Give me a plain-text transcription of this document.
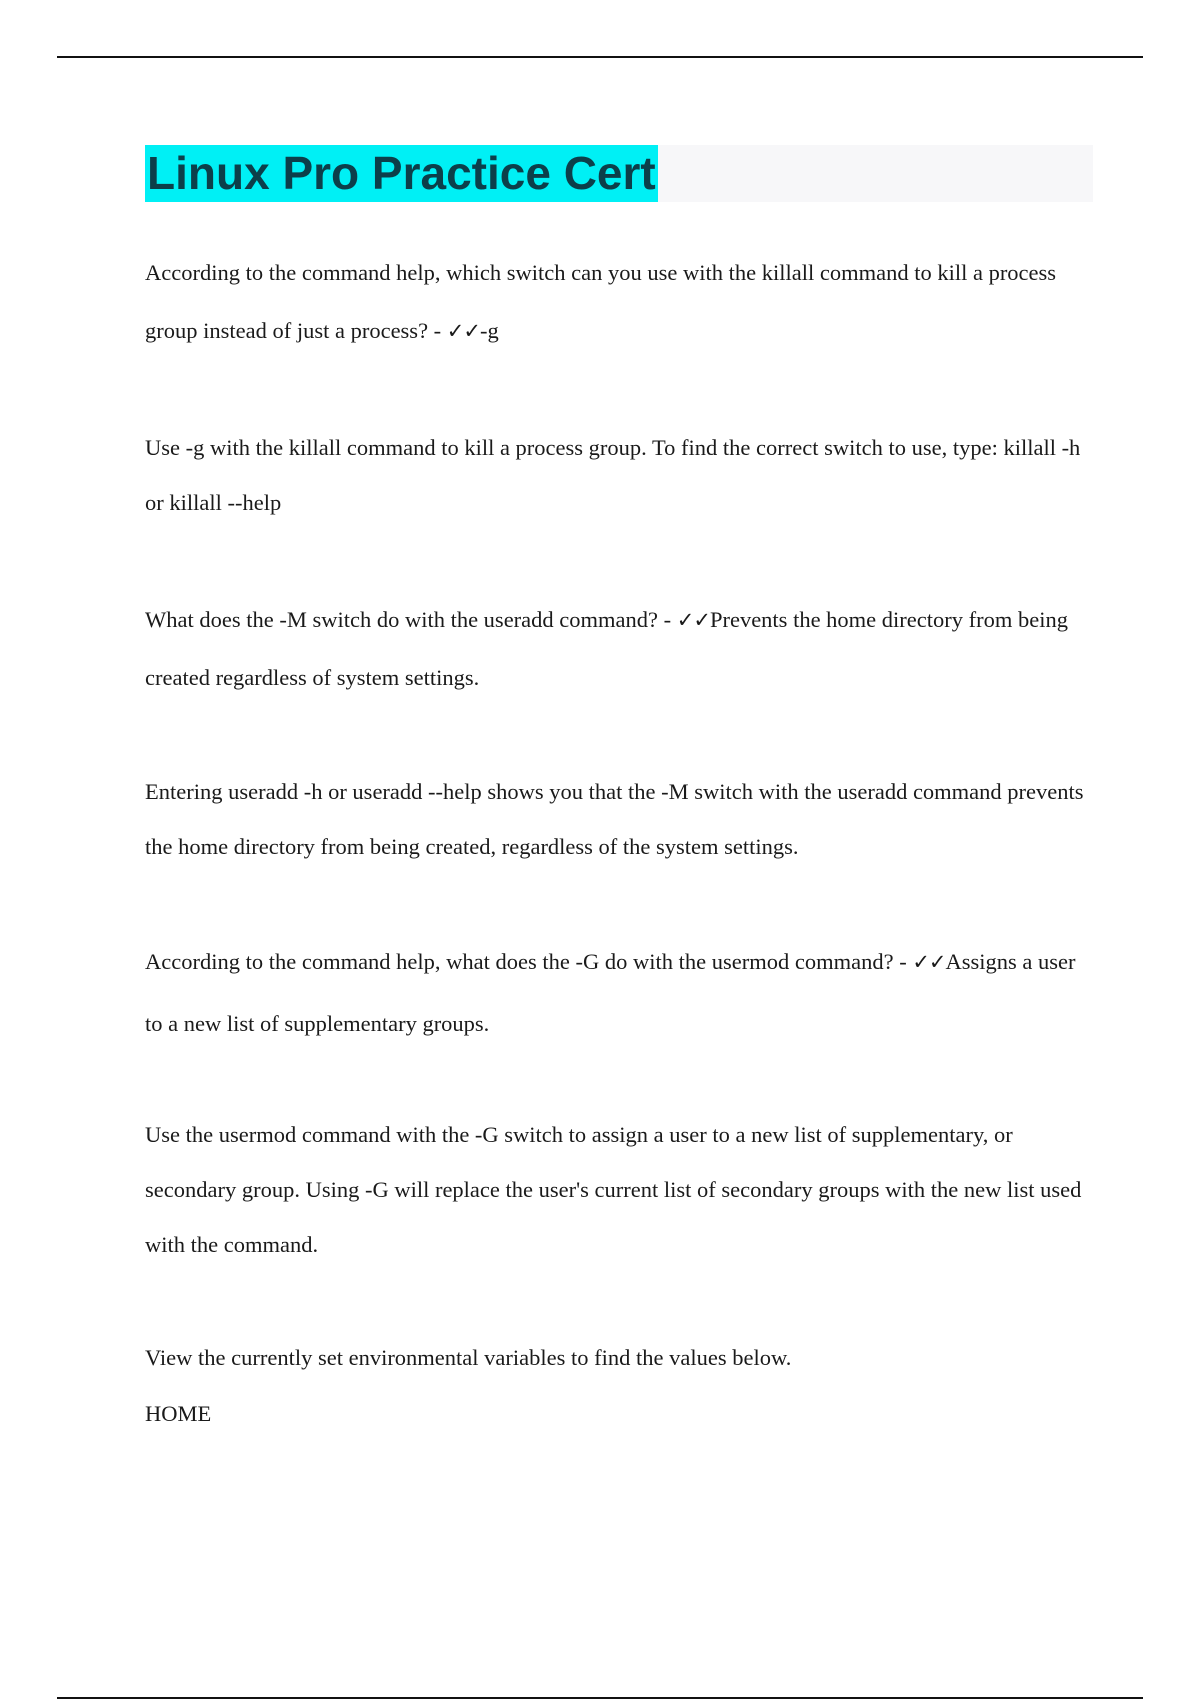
Linux Pro Practice Cert

According to the command help, which switch can you use with the killall command to kill a process group instead of just a process? - ✓✓-g

Use -g with the killall command to kill a process group. To find the correct switch to use, type: killall -h or killall --help

What does the -M switch do with the useradd command? - ✓✓Prevents the home directory from being created regardless of system settings.

Entering useradd -h or useradd --help shows you that the -M switch with the useradd command prevents the home directory from being created, regardless of the system settings.

According to the command help, what does the -G do with the usermod command? - ✓✓Assigns a user to a new list of supplementary groups.

Use the usermod command with the -G switch to assign a user to a new list of supplementary, or secondary group. Using -G will replace the user's current list of secondary groups with the new list used with the command.

View the currently set environmental variables to find the values below.

HOME
